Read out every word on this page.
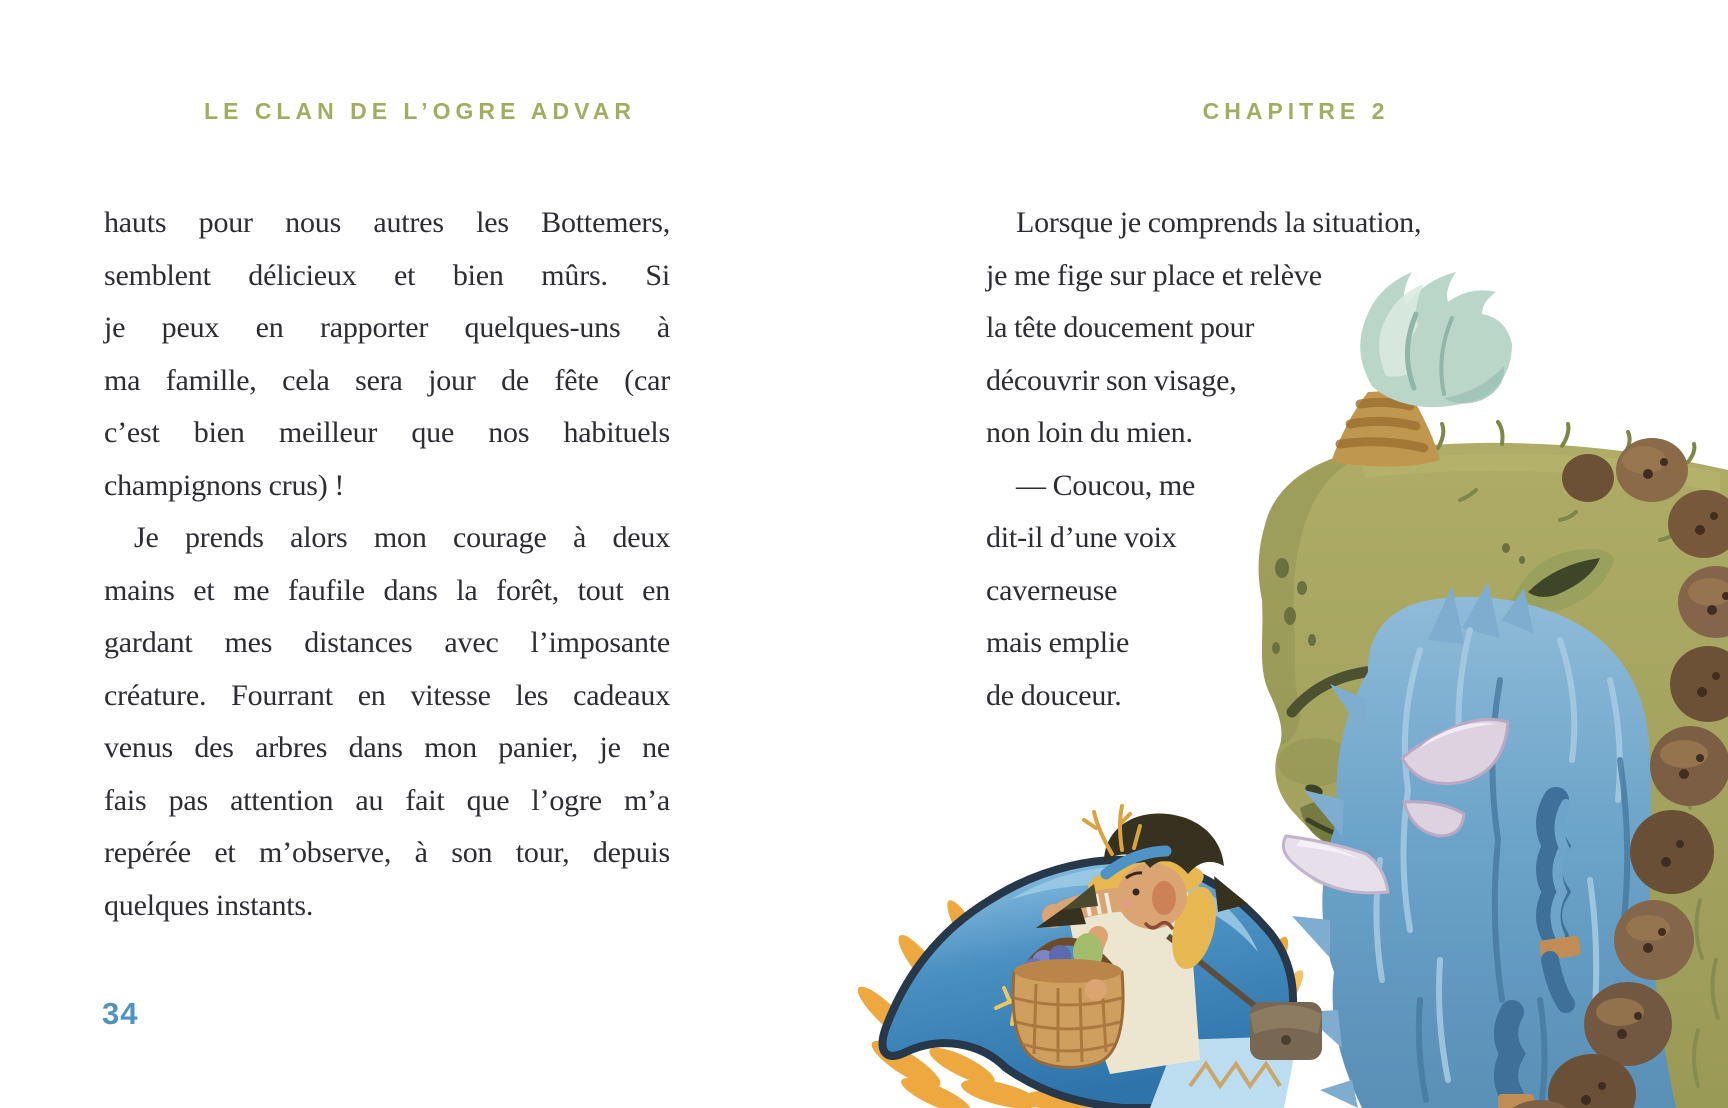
LE CLAN DE L’OGRE ADVAR	CHAPITRE 2
hauts pour nous autres les Bottemers,
semblent délicieux et bien mûrs. Si
je peux en rapporter quelques-uns à
ma famille, cela sera jour de fête (car
c’est bien meilleur que nos habituels
champignons crus) !
Je prends alors mon courage à deux
mains et me faufile dans la forêt, tout en
gardant mes distances avec l’imposante
créature. Fourrant en vitesse les cadeaux
venus des arbres dans mon panier, je ne
fais pas attention au fait que l’ogre m’a
repérée et m’observe, à son tour, depuis
quelques instants.
Lorsque je comprends la situation,
je me fige sur place et relève
la tête doucement pour
découvrir son visage,
non loin du mien.
— Coucou, me
dit-il d’une voix
caverneuse
mais emplie
de douceur.
34
